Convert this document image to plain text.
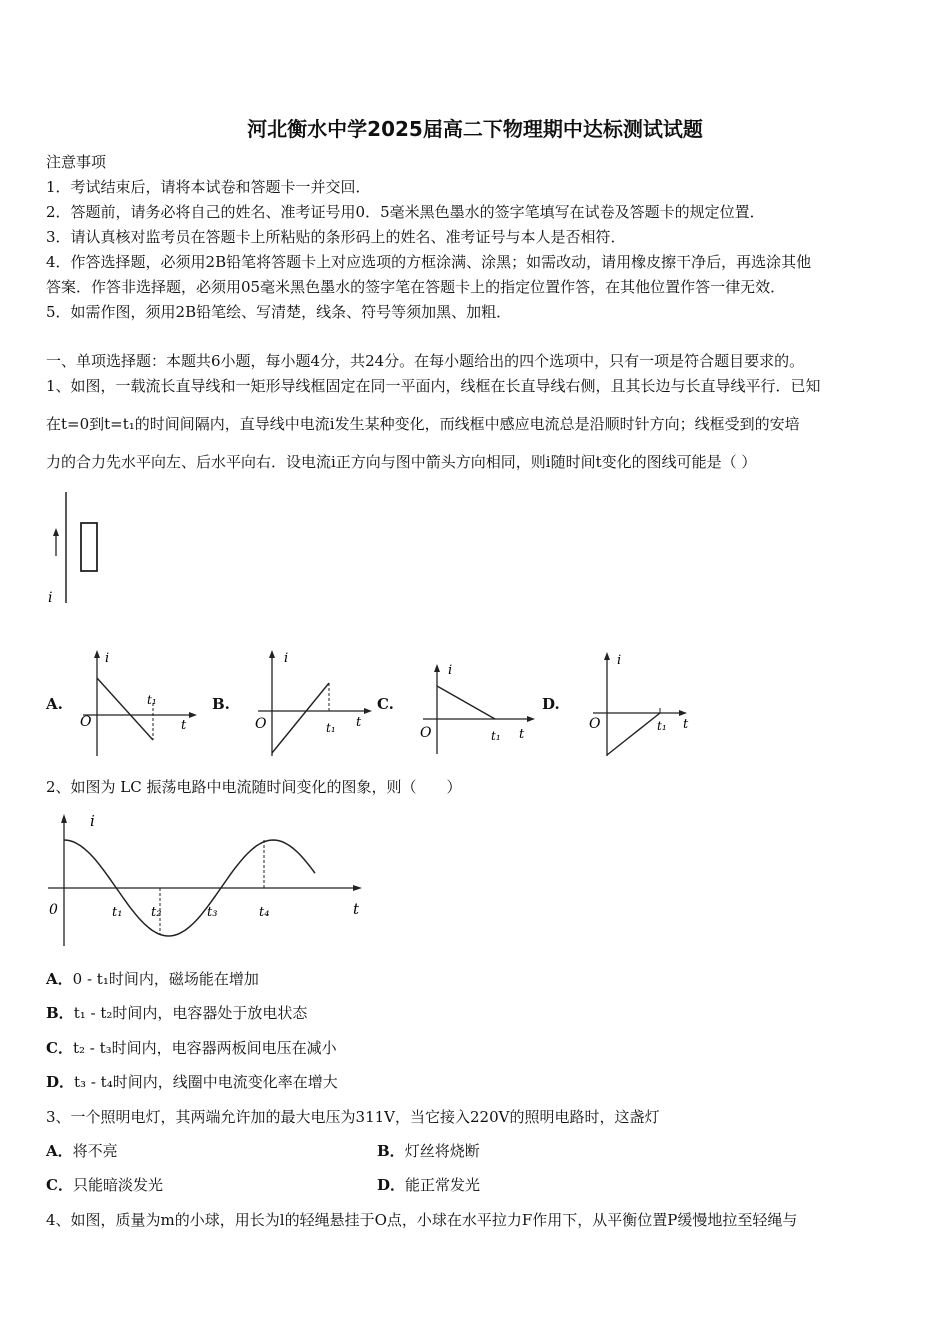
河北衡水中学2025届高二下物理期中达标测试试题
注意事项
1．考试结束后，请将本试卷和答题卡一并交回．
2．答题前，请务必将自己的姓名、准考证号用0．5毫米黑色墨水的签字笔填写在试卷及答题卡的规定位置．
3．请认真核对监考员在答题卡上所粘贴的条形码上的姓名、准考证号与本人是否相符．
4．作答选择题，必须用2B铅笔将答题卡上对应选项的方框涂满、涂黑；如需改动，请用橡皮擦干净后，再选涂其他
答案．作答非选择题，必须用05毫米黑色墨水的签字笔在答题卡上的指定位置作答，在其他位置作答一律无效．
5．如需作图，须用2B铅笔绘、写清楚，线条、符号等须加黑、加粗．
一、单项选择题：本题共6小题，每小题4分，共24分。在每小题给出的四个选项中，只有一项是符合题目要求的。
1、如图，一载流长直导线和一矩形导线框固定在同一平面内，线框在长直导线右侧，且其长边与长直导线平行．已知
在t=0到t=t₁的时间间隔内，直导线中电流i发生某种变化，而线框中感应电流总是沿顺时针方向；线框受到的安培
力的合力先水平向左、后水平向右．设电流i正方向与图中箭头方向相同，则i随时间t变化的图线可能是（ ）
i
A.
i
O
t₁
t
B.
i
O	t₁ t
C.
i
O	t₁ t
D.
i
O	t₁ t
2、如图为 LC 振荡电路中电流随时间变化的图象，则（　　）
i
0	t₁ t₂	t₃	t₄	t
A．0 - t₁时间内，磁场能在增加
B．t₁ - t₂时间内，电容器处于放电状态
C．t₂ - t₃时间内，电容器两板间电压在减小
D．t₃ - t₄时间内，线圈中电流变化率在增大
3、一个照明电灯，其两端允许加的最大电压为311V，当它接入220V的照明电路时，这盏灯
A．将不亮	B．灯丝将烧断
C．只能暗淡发光	D．能正常发光
4、如图，质量为m的小球，用长为l的轻绳悬挂于O点，小球在水平拉力F作用下，从平衡位置P缓慢地拉至轻绳与
